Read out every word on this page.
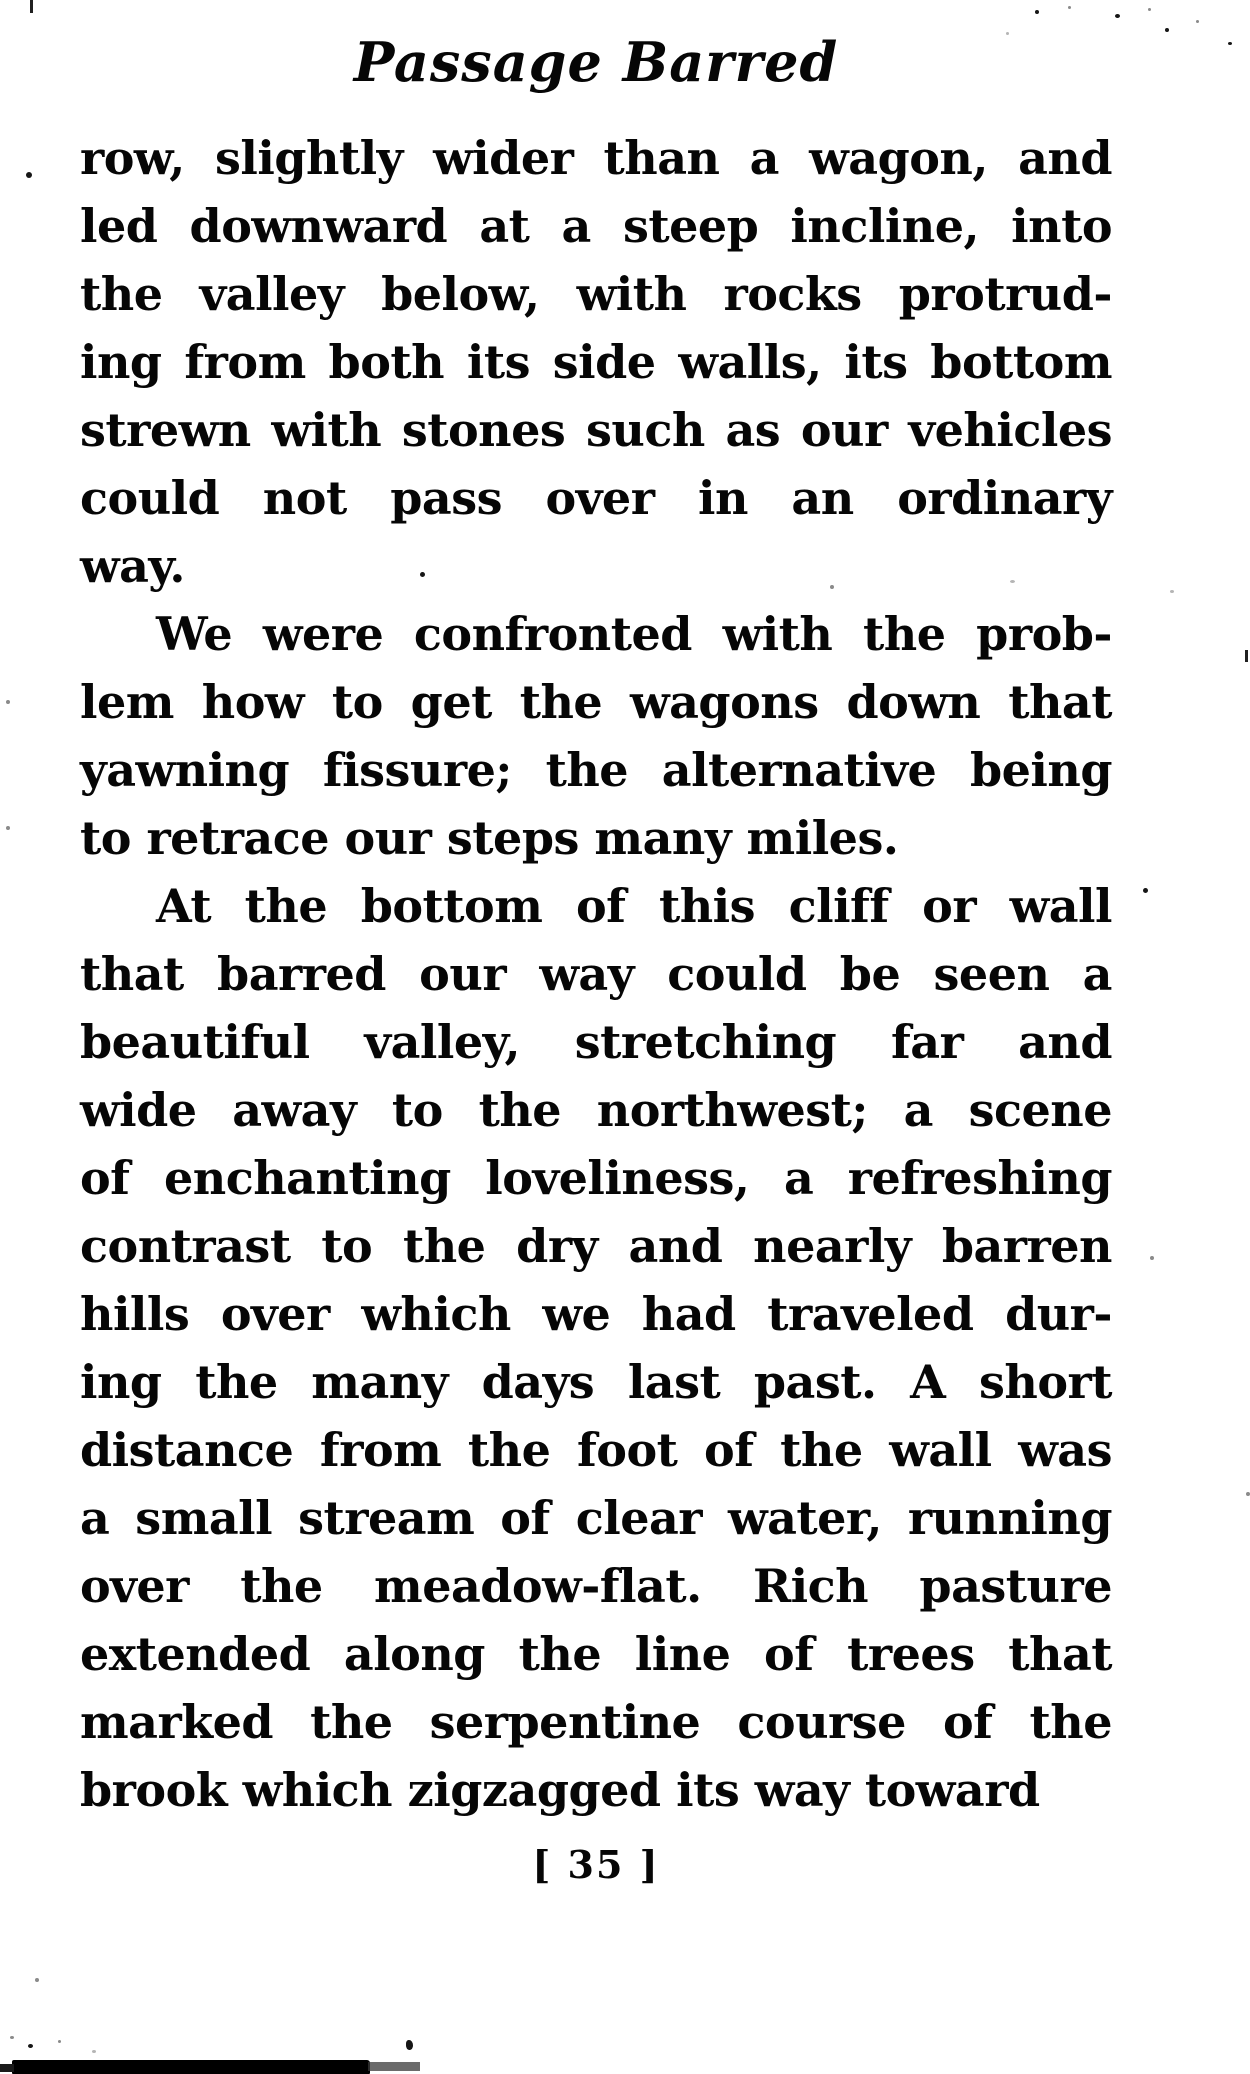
Passage Barred
row, slightly wider than a wagon, and
led downward at a steep incline, into
the valley below, with rocks protrud-
ing from both its side walls, its bottom
strewn with stones such as our vehicles
could not pass over in an ordinary
way.
We were confronted with the prob-
lem how to get the wagons down that
yawning fissure; the alternative being
to retrace our steps many miles.
At the bottom of this cliff or wall
that barred our way could be seen a
beautiful valley, stretching far and
wide away to the northwest; a scene
of enchanting loveliness, a refreshing
contrast to the dry and nearly barren
hills over which we had traveled dur-
ing the many days last past. A short
distance from the foot of the wall was
a small stream of clear water, running
over the meadow-flat. Rich pasture
extended along the line of trees that
marked the serpentine course of the
brook which zigzagged its way toward
[ 35 ]
